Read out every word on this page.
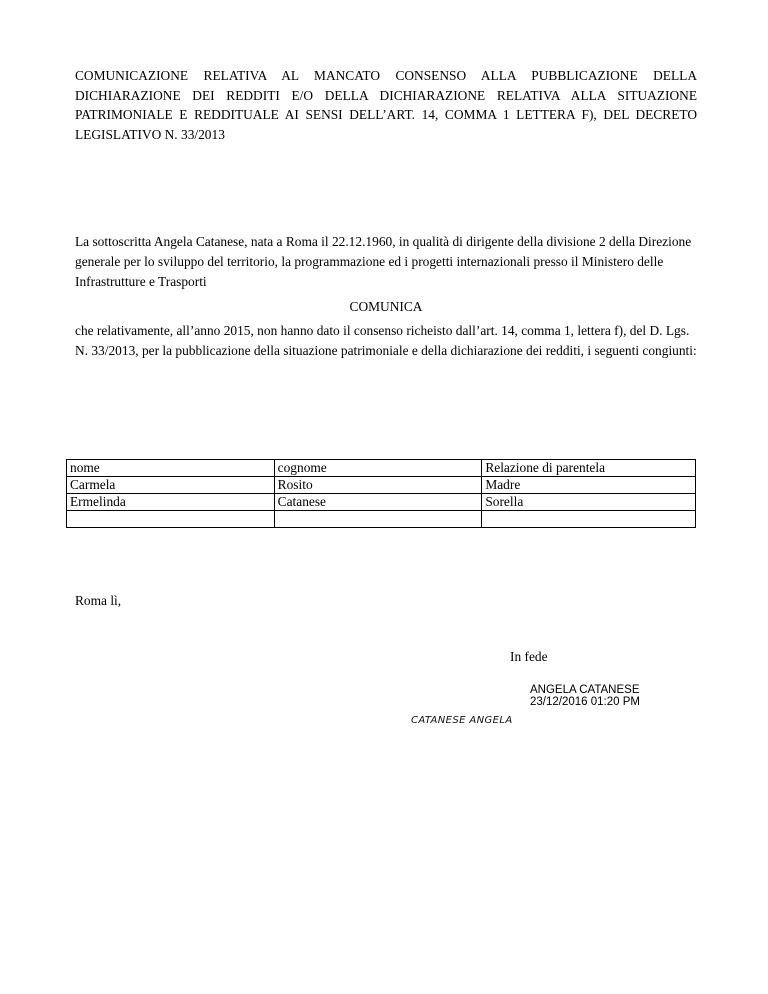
COMUNICAZIONE RELATIVA AL MANCATO CONSENSO ALLA PUBBLICAZIONE DELLA DICHIARAZIONE DEI REDDITI E/O DELLA DICHIARAZIONE RELATIVA ALLA SITUAZIONE PATRIMONIALE E REDDITUALE AI SENSI DELL’ART. 14, COMMA 1 LETTERA F), DEL DECRETO LEGISLATIVO N. 33/2013

La sottoscritta Angela Catanese, nata a Roma il 22.12.1960, in qualità di dirigente della divisione 2 della Direzione generale per lo sviluppo del territorio, la programmazione ed i progetti internazionali presso il Ministero delle Infrastrutture e Trasporti

COMUNICA

che relativamente, all’anno 2015, non hanno dato il consenso richeisto dall’art. 14, comma 1, lettera f), del D. Lgs. N. 33/2013, per la pubblicazione della situazione patrimoniale e della dichiarazione dei redditi, i seguenti congiunti:

nome	cognome	Relazione di parentela
Carmela	Rosito	Madre
Ermelinda	Catanese	Sorella

Roma lì,

In fede

ANGELA CATANESE
23/12/2016 01:20 PM
CATANESE ANGELA
